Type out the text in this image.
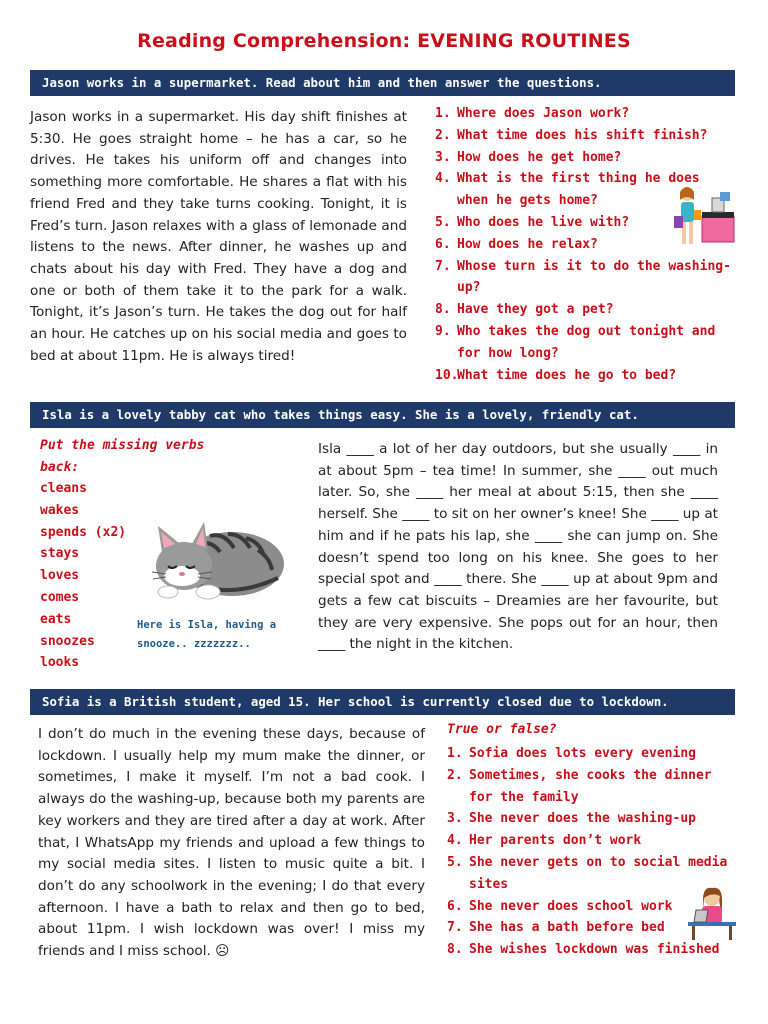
Reading Comprehension: EVENING ROUTINES
Jason works in a supermarket. Read about him and then answer the questions.
Jason works in a supermarket. His day shift finishes at 5:30. He goes straight home – he has a car, so he drives. He takes his uniform off and changes into something more comfortable. He shares a flat with his friend Fred and they take turns cooking. Tonight, it is Fred’s turn. Jason relaxes with a glass of lemonade and listens to the news. After dinner, he washes up and chats about his day with Fred. They have a dog and one or both of them take it to the park for a walk. Tonight, it’s Jason’s turn. He takes the dog out for half an hour. He catches up on his social media and goes to bed at about 11pm. He is always tired!
1. Where does Jason work?
2. What time does his shift finish?
3. How does he get home?
4. What is the first thing he does when he gets home?
5. Who does he live with?
6. How does he relax?
7. Whose turn is it to do the washing-up?
8. Have they got a pet?
9. Who takes the dog out tonight and for how long?
10.
What time does he go to bed?
Isla is a lovely tabby cat who takes things easy. She is a lovely, friendly cat.
Put the missing verbs back:
cleans
wakes
spends (x2)
stays
loves
comes
eats
snoozes
looks
Here is Isla, having a snooze.. zzzzzzz..
Isla ____ a lot of her day outdoors, but she usually ____ in at about 5pm – tea time! In summer, she ____ out much later. So, she ____ her meal at about 5:15, then she ____ herself. She ____ to sit on her owner’s knee! She ____ up at him and if he pats his lap, she ____ she can jump on. She doesn’t spend too long on his knee. She goes to her special spot and ____ there. She ____ up at about 9pm and gets a few cat biscuits – Dreamies are her favourite, but they are very expensive. She pops out for an hour, then ____ the night in the kitchen.
Sofia is a British student, aged 15. Her school is currently closed due to lockdown.
I don’t do much in the evening these days, because of lockdown. I usually help my mum make the dinner, or sometimes, I make it myself. I’m not a bad cook. I always do the washing-up, because both my parents are key workers and they are tired after a day at work. After that, I WhatsApp my friends and upload a few things to my social media sites. I listen to music quite a bit. I don’t do any schoolwork in the evening; I do that every afternoon. I have a bath to relax and then go to bed, about 11pm. I wish lockdown was over! I miss my friends and I miss school. ☹
True or false?
1. Sofia does lots every evening
2. Sometimes, she cooks the dinner for the family
3. She never does the washing-up
4. Her parents don’t work
5. She never gets on to social media sites
6. She never does school work
7. She has a bath before bed
8. She wishes lockdown was finished
